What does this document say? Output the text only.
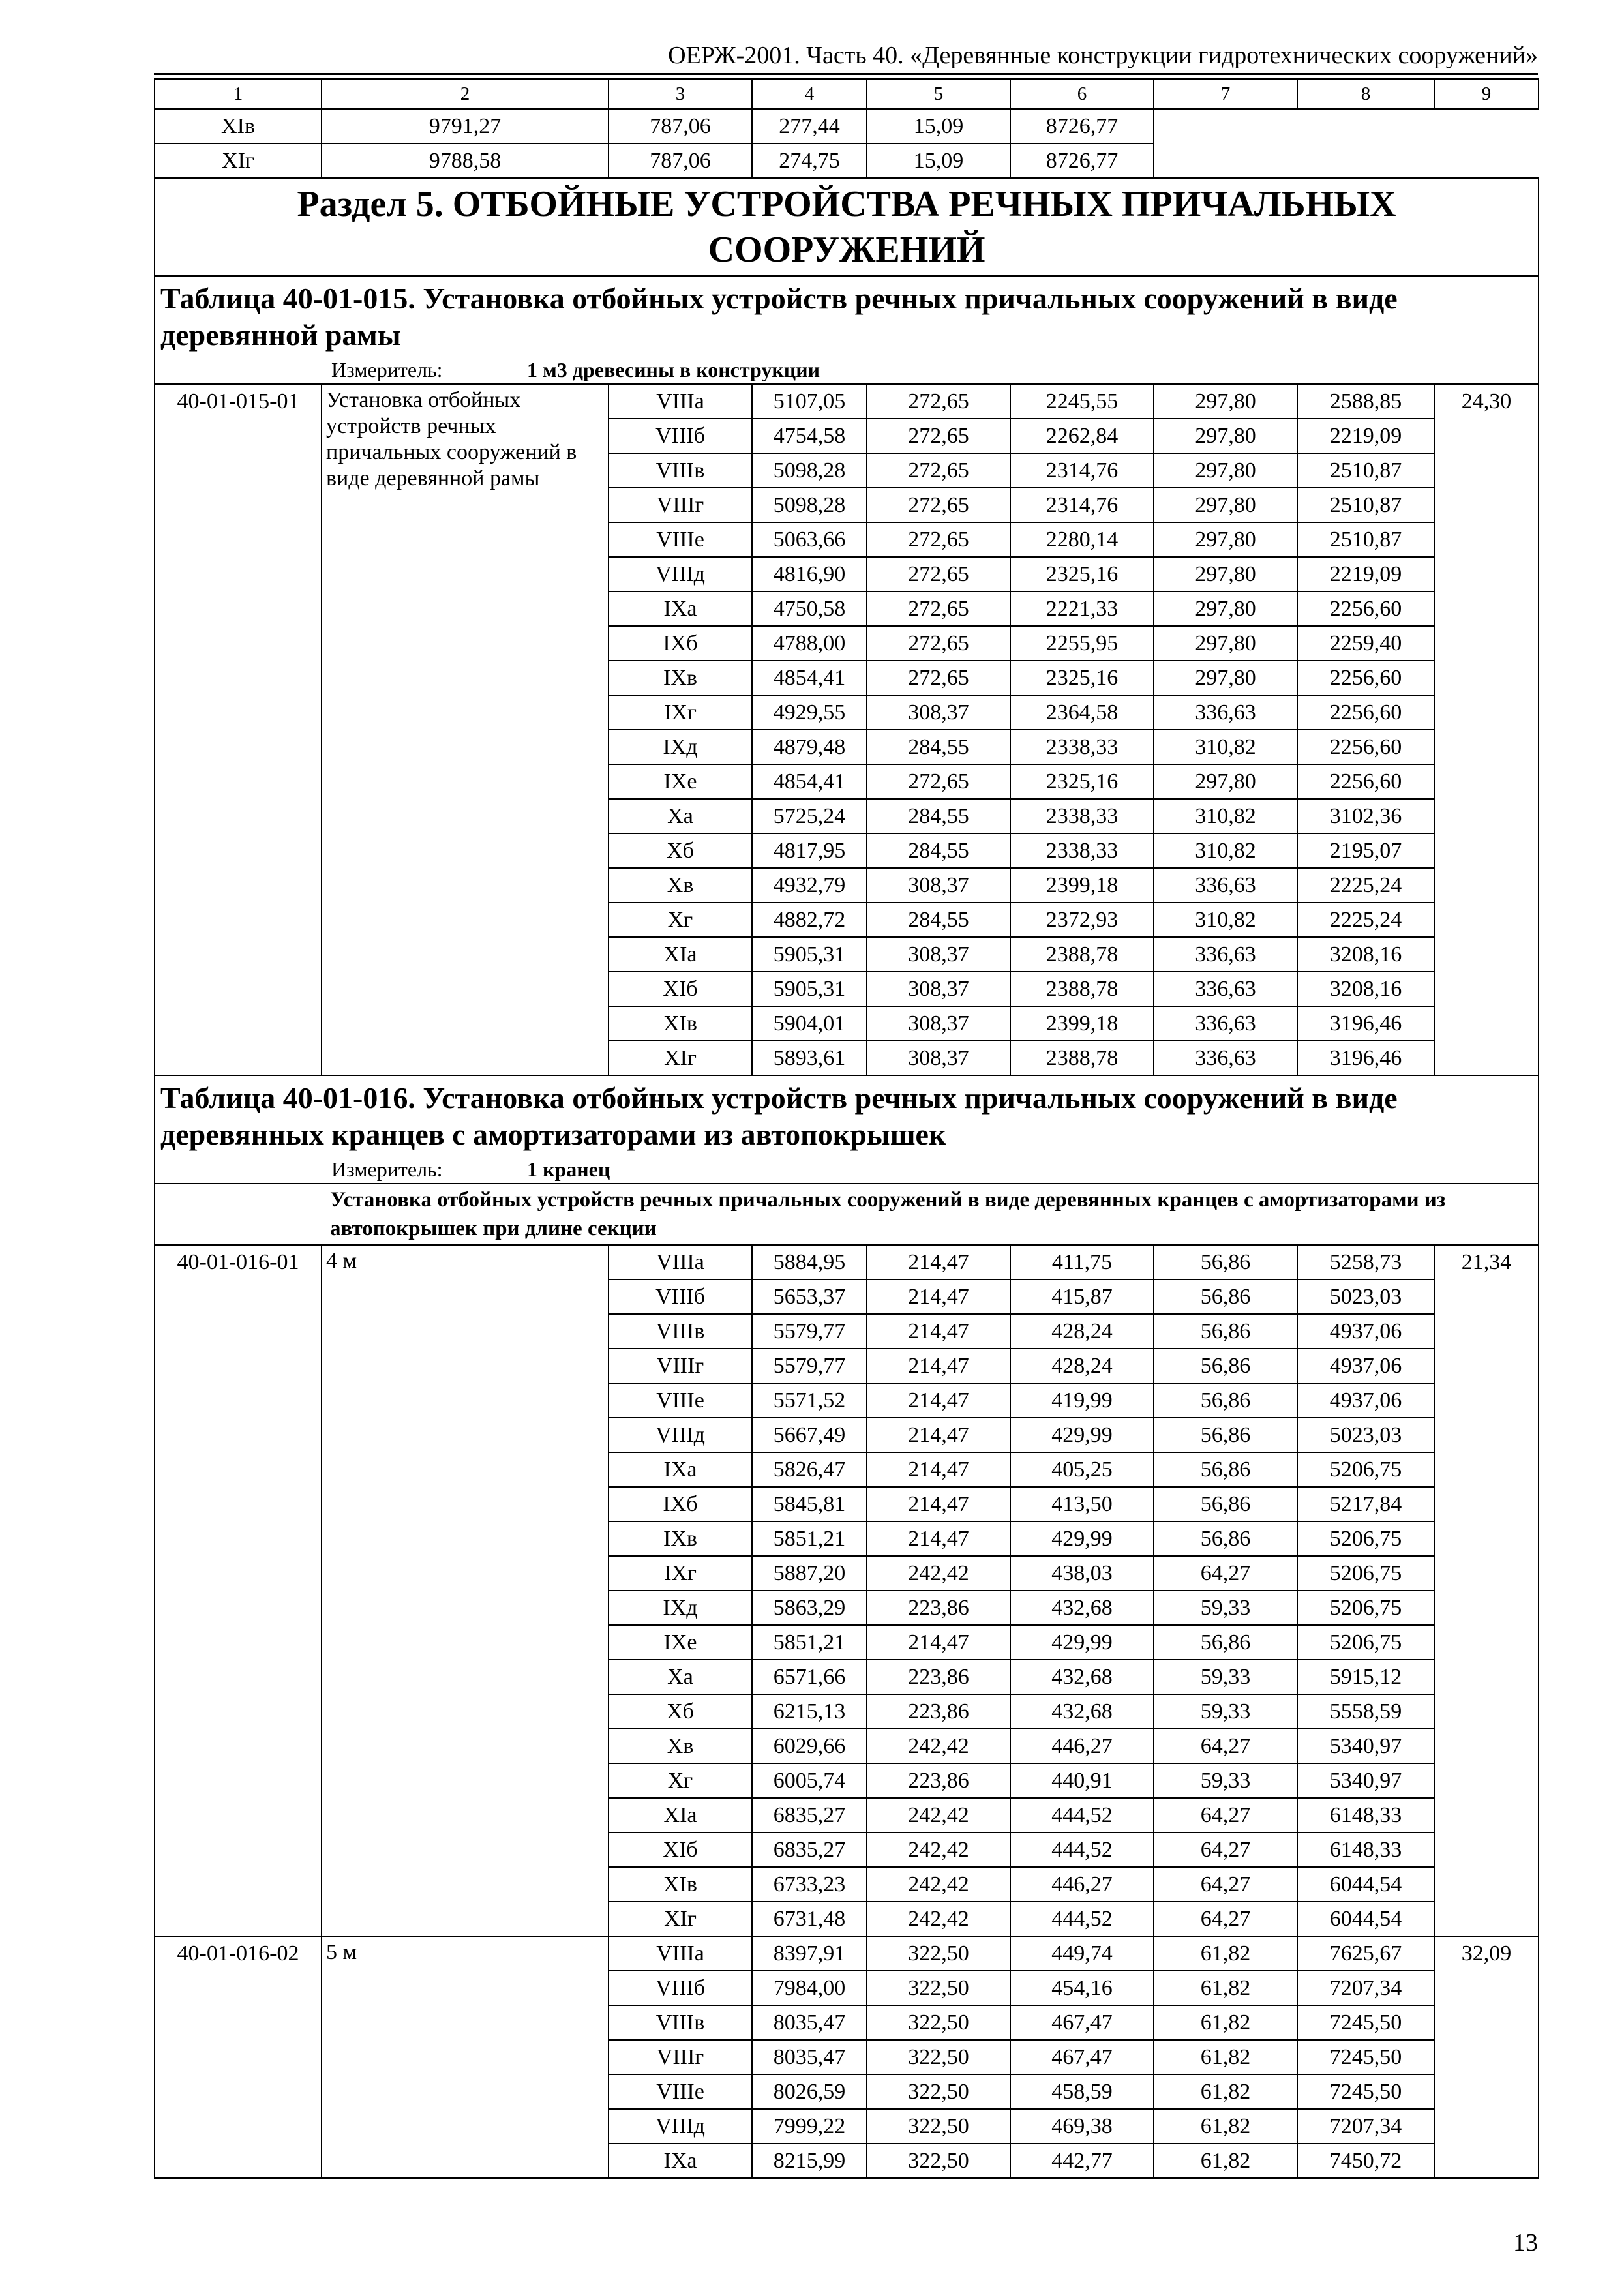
ОЕРЖ-2001. Часть 40. «Деревянные конструкции гидротехнических сооружений»
1	2	3	4	5	6	7	8	9
XIв	9791,27	787,06	277,44	15,09	8726,77			
XIг	9788,58	787,06	274,75	15,09	8726,77			
Раздел 5. ОТБОЙНЫЕ УСТРОЙСТВА РЕЧНЫХ ПРИЧАЛЬНЫХ СООРУЖЕНИЙ								

Таблица 40-01-015. Установка отбойных устройств речных причальных сооружений в виде деревянной рамы
Измеритель: 1 м3 древесины в конструкции								

40-01-015-01	Установка отбойных устройств речных причальных сооружений в виде деревянной рамы	VIIIа	5107,05	272,65	2245,55	297,80	2588,85	24,30
		VIIIб	4754,58	272,65	2262,84	297,80	2219,09	
		VIIIв	5098,28	272,65	2314,76	297,80	2510,87	
		VIIIг	5098,28	272,65	2314,76	297,80	2510,87	
		VIIIе	5063,66	272,65	2280,14	297,80	2510,87	
		VIIIд	4816,90	272,65	2325,16	297,80	2219,09	
		IXа	4750,58	272,65	2221,33	297,80	2256,60	
		IXб	4788,00	272,65	2255,95	297,80	2259,40	
		IXв	4854,41	272,65	2325,16	297,80	2256,60	
		IXг	4929,55	308,37	2364,58	336,63	2256,60	
		IXд	4879,48	284,55	2338,33	310,82	2256,60	
		IXе	4854,41	272,65	2325,16	297,80	2256,60	
		Xа	5725,24	284,55	2338,33	310,82	3102,36	
		Xб	4817,95	284,55	2338,33	310,82	2195,07	
		Xв	4932,79	308,37	2399,18	336,63	2225,24	
		Xг	4882,72	284,55	2372,93	310,82	2225,24	
		XIа	5905,31	308,37	2388,78	336,63	3208,16	
		XIб	5905,31	308,37	2388,78	336,63	3208,16	
		XIв	5904,01	308,37	2399,18	336,63	3196,46	
		XIг	5893,61	308,37	2388,78	336,63	3196,46	

Таблица 40-01-016. Установка отбойных устройств речных причальных сооружений в виде деревянных кранцев с амортизаторами из автопокрышек
Измеритель: 1 кранец								

Установка отбойных устройств речных причальных сооружений в виде деревянных кранцев с амортизаторами из автопокрышек при длине секции								
40-01-016-01	4 м	VIIIа	5884,95	214,47	411,75	56,86	5258,73	21,34
		VIIIб	5653,37	214,47	415,87	56,86	5023,03	
		VIIIв	5579,77	214,47	428,24	56,86	4937,06	
		VIIIг	5579,77	214,47	428,24	56,86	4937,06	
		VIIIе	5571,52	214,47	419,99	56,86	4937,06	
		VIIIд	5667,49	214,47	429,99	56,86	5023,03	
		IXа	5826,47	214,47	405,25	56,86	5206,75	
		IXб	5845,81	214,47	413,50	56,86	5217,84	
		IXв	5851,21	214,47	429,99	56,86	5206,75	
		IXг	5887,20	242,42	438,03	64,27	5206,75	
		IXд	5863,29	223,86	432,68	59,33	5206,75	
		IXе	5851,21	214,47	429,99	56,86	5206,75	
		Xа	6571,66	223,86	432,68	59,33	5915,12	
		Xб	6215,13	223,86	432,68	59,33	5558,59	
		Xв	6029,66	242,42	446,27	64,27	5340,97	
		Xг	6005,74	223,86	440,91	59,33	5340,97	
		XIа	6835,27	242,42	444,52	64,27	6148,33	
		XIб	6835,27	242,42	444,52	64,27	6148,33	
		XIв	6733,23	242,42	446,27	64,27	6044,54	
		XIг	6731,48	242,42	444,52	64,27	6044,54	
40-01-016-02	5 м	VIIIа	8397,91	322,50	449,74	61,82	7625,67	32,09
		VIIIб	7984,00	322,50	454,16	61,82	7207,34	
		VIIIв	8035,47	322,50	467,47	61,82	7245,50	
		VIIIг	8035,47	322,50	467,47	61,82	7245,50	
		VIIIе	8026,59	322,50	458,59	61,82	7245,50	
		VIIIд	7999,22	322,50	469,38	61,82	7207,34	
		IXа	8215,99	322,50	442,77	61,82	7450,72	
13
